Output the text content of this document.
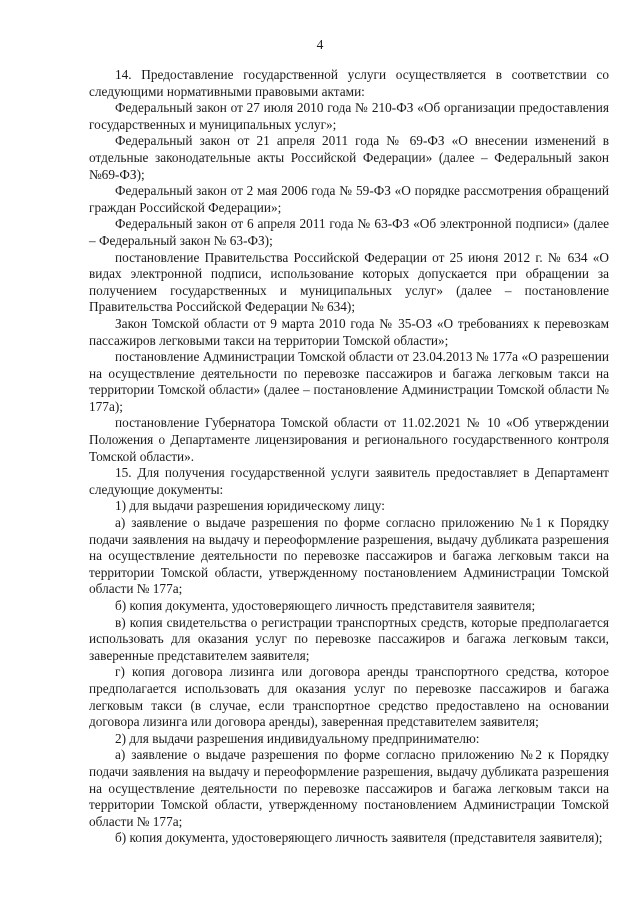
4

14. Предоставление государственной услуги осуществляется в соответствии со следующими нормативными правовыми актами:

Федеральный закон от 27 июля 2010 года № 210-ФЗ «Об организации предоставления государственных и муниципальных услуг»;

Федеральный закон от 21 апреля 2011 года № 69-ФЗ «О внесении изменений в отдельные законодательные акты Российской Федерации» (далее – Федеральный закон №69-ФЗ);

Федеральный закон от 2 мая 2006 года № 59-ФЗ «О порядке рассмотрения обращений граждан Российской Федерации»;

Федеральный закон от 6 апреля 2011 года № 63-ФЗ «Об электронной подписи» (далее – Федеральный закон № 63-ФЗ);

постановление Правительства Российской Федерации от 25 июня 2012 г. № 634 «О видах электронной подписи, использование которых допускается при обращении за получением государственных и муниципальных услуг» (далее – постановление Правительства Российской Федерации № 634);

Закон Томской области от 9 марта 2010 года № 35-ОЗ «О требованиях к перевозкам пассажиров легковыми такси на территории Томской области»;

постановление Администрации Томской области от 23.04.2013 № 177а «О разрешении на осуществление деятельности по перевозке пассажиров и багажа легковым такси на территории Томской области» (далее – постановление Администрации Томской области № 177а);

постановление Губернатора Томской области от 11.02.2021 № 10 «Об утверждении Положения о Департаменте лицензирования и регионального государственного контроля Томской области».

15. Для получения государственной услуги заявитель предоставляет в Департамент следующие документы:

1) для выдачи разрешения юридическому лицу:

а) заявление о выдаче разрешения по форме согласно приложению №1 к Порядку подачи заявления на выдачу и переоформление разрешения, выдачу дубликата разрешения на осуществление деятельности по перевозке пассажиров и багажа легковым такси на территории Томской области, утвержденному постановлением Администрации Томской области № 177а;

б) копия документа, удостоверяющего личность представителя заявителя;

в) копия свидетельства о регистрации транспортных средств, которые предполагается использовать для оказания услуг по перевозке пассажиров и багажа легковым такси, заверенные представителем заявителя;

г) копия договора лизинга или договора аренды транспортного средства, которое предполагается использовать для оказания услуг по перевозке пассажиров и багажа легковым такси (в случае, если транспортное средство предоставлено на основании договора лизинга или договора аренды), заверенная представителем заявителя;

2) для выдачи разрешения индивидуальному предпринимателю:

а) заявление о выдаче разрешения по форме согласно приложению №2 к Порядку подачи заявления на выдачу и переоформление разрешения, выдачу дубликата разрешения на осуществление деятельности по перевозке пассажиров и багажа легковым такси на территории Томской области, утвержденному постановлением Администрации Томской области № 177а;

б) копия документа, удостоверяющего личность заявителя (представителя заявителя);
